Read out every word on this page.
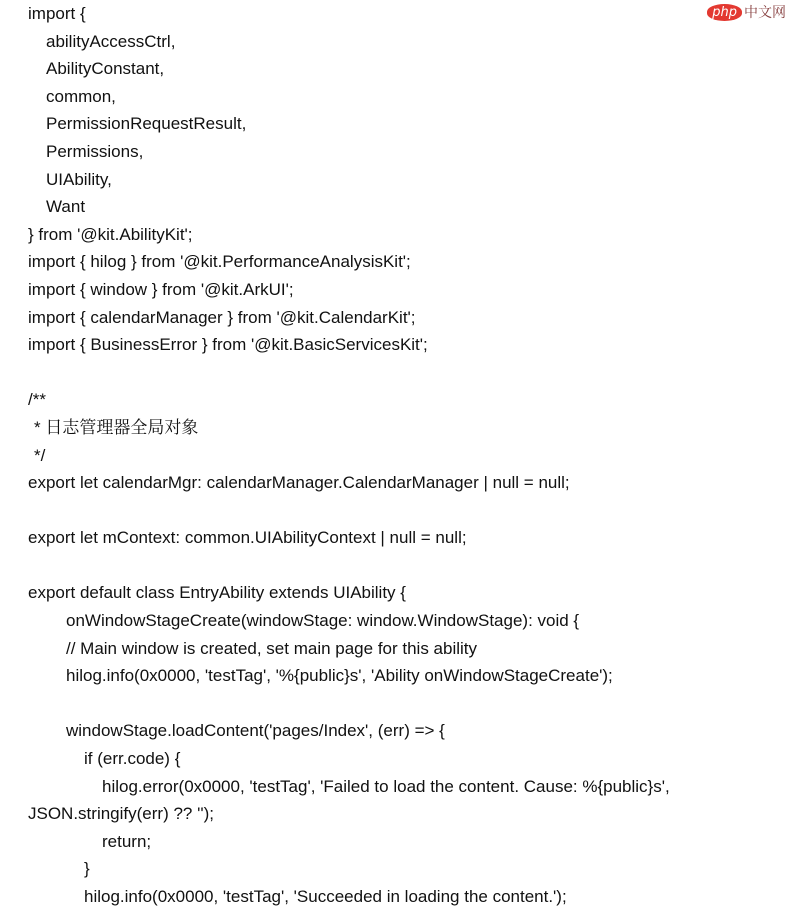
php 中文网
import {
abilityAccessCtrl,
AbilityConstant,
common,
PermissionRequestResult,
Permissions,
UIAbility,
Want
} from '@kit.AbilityKit';
import { hilog } from '@kit.PerformanceAnalysisKit';
import { window } from '@kit.ArkUI';
import { calendarManager } from '@kit.CalendarKit';
import { BusinessError } from '@kit.BasicServicesKit';
/**
* 日志管理器全局对象
*/
export let calendarMgr: calendarManager.CalendarManager | null = null;
export let mContext: common.UIAbilityContext | null = null;
export default class EntryAbility extends UIAbility {
onWindowStageCreate(windowStage: window.WindowStage): void {
// Main window is created, set main page for this ability
hilog.info(0x0000, 'testTag', '%{public}s', 'Ability onWindowStageCreate');
windowStage.loadContent('pages/Index', (err) => {
if (err.code) {
hilog.error(0x0000, 'testTag', 'Failed to load the content. Cause: %{public}s',
JSON.stringify(err) ?? '');
return;
}
hilog.info(0x0000, 'testTag', 'Succeeded in loading the content.');
